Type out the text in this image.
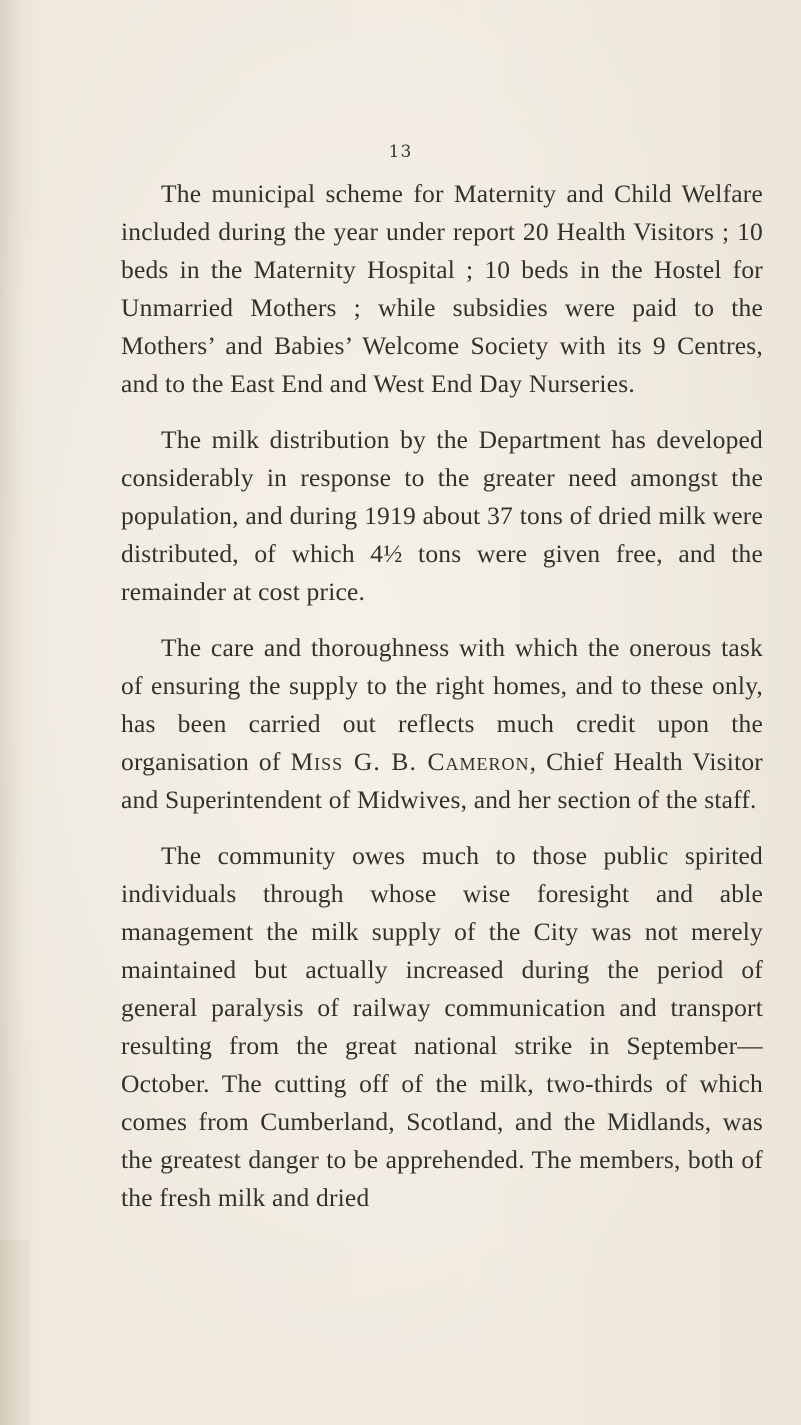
13

The municipal scheme for Maternity and Child Welfare included during the year under report 20 Health Visitors ; 10 beds in the Maternity Hospital ; 10 beds in the Hostel for Unmarried Mothers ; while subsidies were paid to the Mothers’ and Babies’ Welcome Society with its 9 Centres, and to the East End and West End Day Nurseries.

The milk distribution by the Department has developed considerably in response to the greater need amongst the population, and during 1919 about 37 tons of dried milk were distributed, of which 4½ tons were given free, and the remainder at cost price.

The care and thoroughness with which the onerous task of ensuring the supply to the right homes, and to these only, has been carried out reflects much credit upon the organisation of Miss G. B. Cameron, Chief Health Visitor and Superintendent of Midwives, and her section of the staff.

The community owes much to those public spirited individuals through whose wise foresight and able management the milk supply of the City was not merely maintained but actually increased during the period of general paralysis of railway communication and transport resulting from the great national strike in September—October. The cutting off of the milk, two-thirds of which comes from Cumberland, Scotland, and the Midlands, was the greatest danger to be apprehended. The members, both of the fresh milk and dried
